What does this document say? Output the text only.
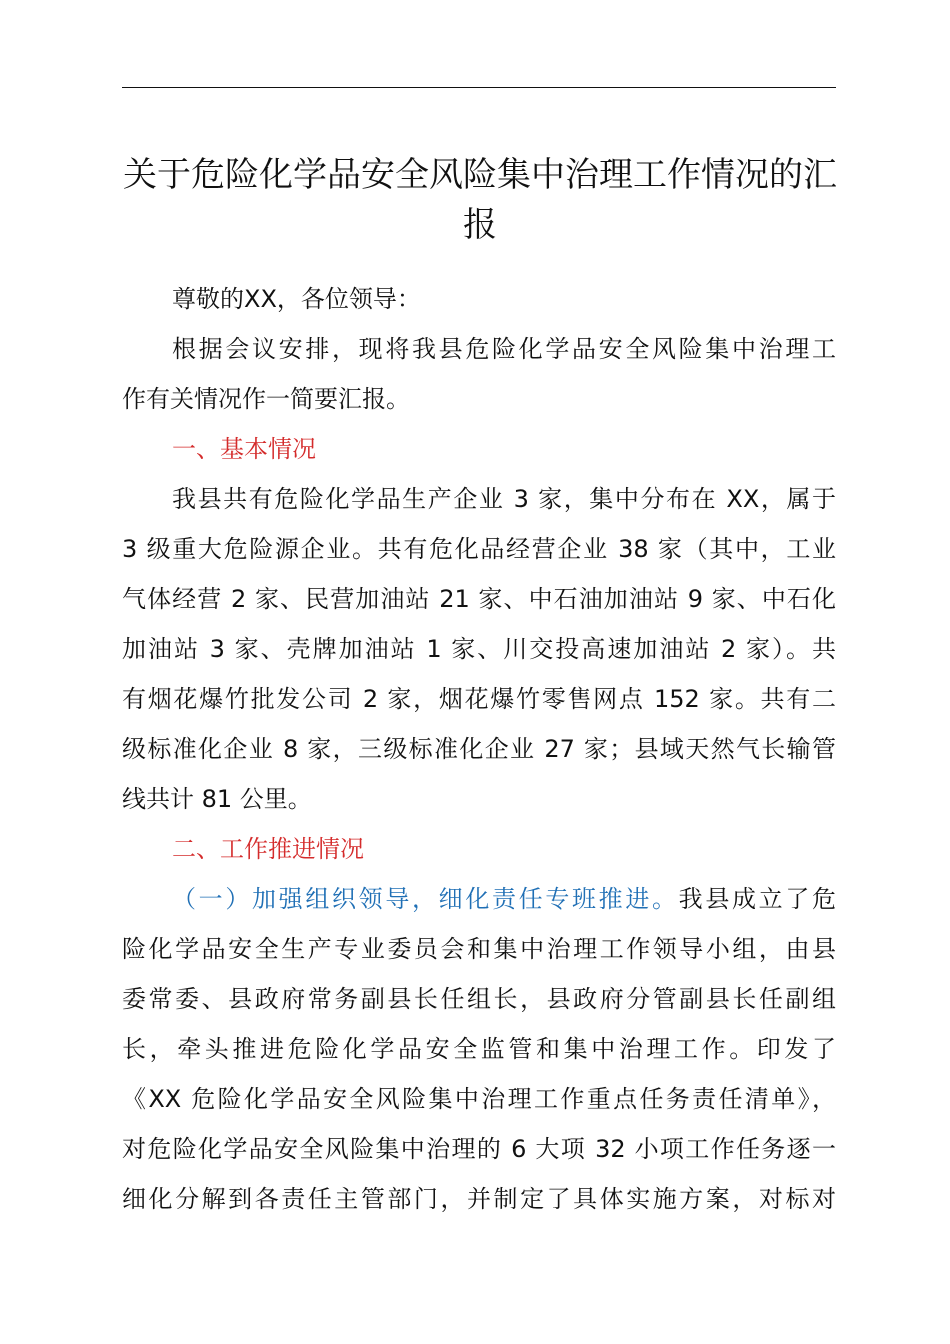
关于危险化学品安全风险集中治理工作情况的汇报

尊敬的XX，各位领导：

根据会议安排，现将我县危险化学品安全风险集中治理工

作有关情况作一简要汇报。

一、基本情况

我县共有危险化学品生产企业 3 家，集中分布在 XX，属于

3 级重大危险源企业。共有危化品经营企业 38 家（其中，工业

气体经营 2 家、民营加油站 21 家、中石油加油站 9 家、中石化

加油站 3 家、壳牌加油站 1 家、川交投高速加油站 2 家）。共

有烟花爆竹批发公司 2 家，烟花爆竹零售网点 152 家。共有二

级标准化企业 8 家，三级标准化企业 27 家；县域天然气长输管

线共计 81 公里。

二、工作推进情况

（一）加强组织领导，细化责任专班推进。我县成立了危

险化学品安全生产专业委员会和集中治理工作领导小组，由县

委常委、县政府常务副县长任组长，县政府分管副县长任副组

长，牵头推进危险化学品安全监管和集中治理工作。印发了

《XX 危险化学品安全风险集中治理工作重点任务责任清单》，

对危险化学品安全风险集中治理的 6 大项 32 小项工作任务逐一

细化分解到各责任主管部门，并制定了具体实施方案，对标对
